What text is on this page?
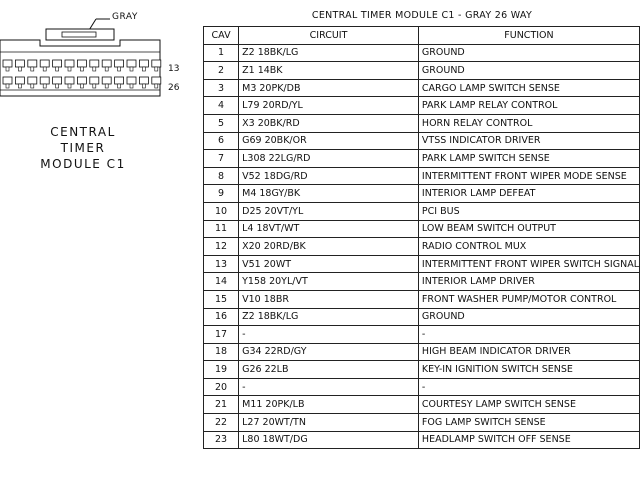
GRAY
13
26
CENTRAL
TIMER
MODULE C1
CENTRAL TIMER MODULE C1 - GRAY 26 WAY
CAV	CIRCUIT	FUNCTION
1	Z2 18BK/LG	GROUND
2	Z1 14BK	GROUND
3	M3 20PK/DB	CARGO LAMP SWITCH SENSE
4	L79 20RD/YL	PARK LAMP RELAY CONTROL
5	X3 20BK/RD	HORN RELAY CONTROL
6	G69 20BK/OR	VTSS INDICATOR DRIVER
7	L308 22LG/RD	PARK LAMP SWITCH SENSE
8	V52 18DG/RD	INTERMITTENT FRONT WIPER MODE SENSE
9	M4 18GY/BK	INTERIOR LAMP DEFEAT
10	D25 20VT/YL	PCI BUS
11	L4 18VT/WT	LOW BEAM SWITCH OUTPUT
12	X20 20RD/BK	RADIO CONTROL MUX
13	V51 20WT	INTERMITTENT FRONT WIPER SWITCH SIGNAL
14	Y158 20YL/VT	INTERIOR LAMP DRIVER
15	V10 18BR	FRONT WASHER PUMP/MOTOR CONTROL
16	Z2 18BK/LG	GROUND
17	-	-
18	G34 22RD/GY	HIGH BEAM INDICATOR DRIVER
19	G26 22LB	KEY-IN IGNITION SWITCH SENSE
20	-	-
21	M11 20PK/LB	COURTESY LAMP SWITCH SENSE
22	L27 20WT/TN	FOG LAMP SWITCH SENSE
23	L80 18WT/DG	HEADLAMP SWITCH OFF SENSE
